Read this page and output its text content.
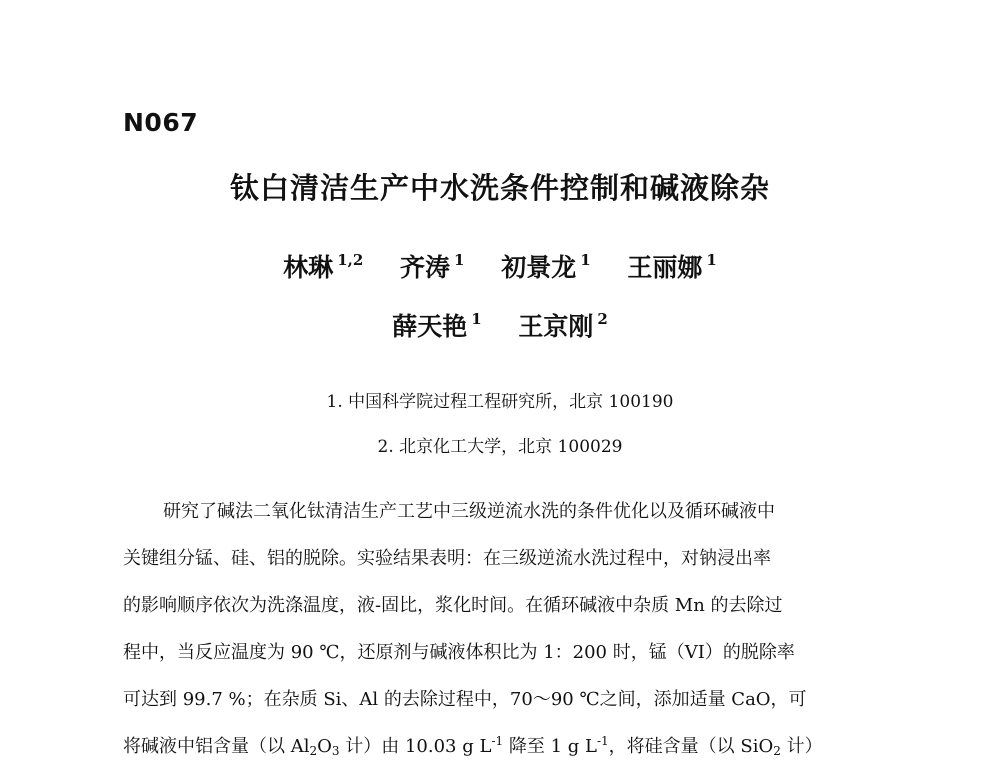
N067
钛白清洁生产中水洗条件控制和碱液除杂
林琳 $^{1,2}$ 齐涛 $^1$ 初景龙 $^1$ 王丽娜 $^1$
薛天艳 $^1$ 王京刚 $^2$
1. 中国科学院过程工程研究所，北京 100190
2. 北京化工大学，北京 100029
研究了碱法二氧化钛清洁生产工艺中三级逆流水洗的条件优化以及循环碱液中
关键组分锰、硅、铝的脱除。实验结果表明：在三级逆流水洗过程中，对钠浸出率
的影响顺序依次为洗涤温度，液-固比，浆化时间。在循环碱液中杂质 Mn 的去除过
程中，当反应温度为 90 ℃，还原剂与碱液体积比为 1：200 时，锰（VI）的脱除率
可达到 99.7 %；在杂质 Si、Al 的去除过程中，70～90 ℃之间，添加适量 CaO，可
将碱液中铝含量（以 $Al_2O_3$ 计）由 10.03 g $L^{-1}$ 降至 1 g $L^{-1}$，将硅含量（以 SiO$_2$ 计）
